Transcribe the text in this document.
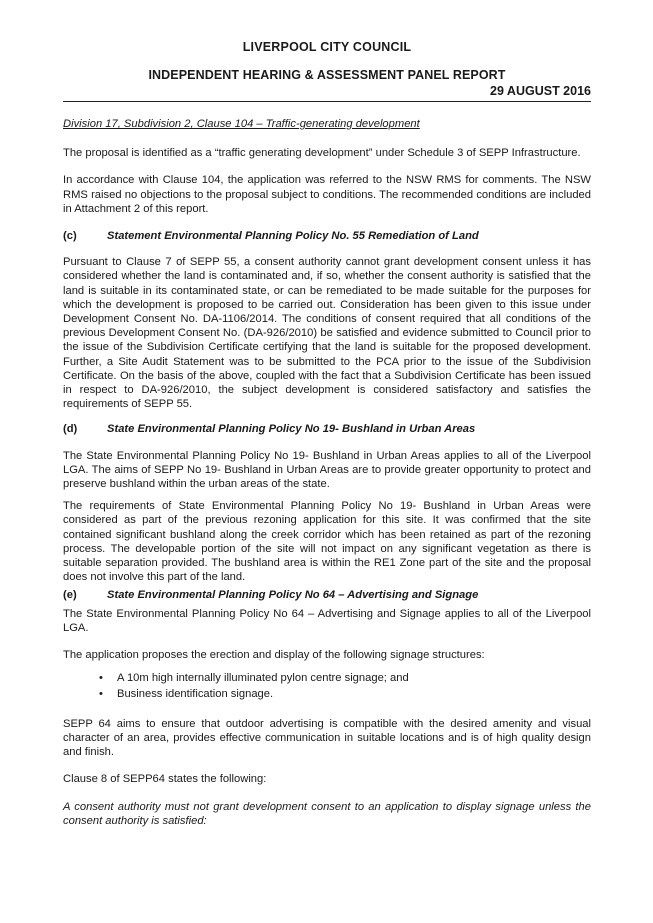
LIVERPOOL CITY COUNCIL
INDEPENDENT HEARING & ASSESSMENT PANEL REPORT
29 AUGUST 2016
Division 17, Subdivision 2, Clause 104 – Traffic-generating development

The proposal is identified as a “traffic generating development” under Schedule 3 of SEPP Infrastructure.

In accordance with Clause 104, the application was referred to the NSW RMS for comments. The NSW RMS raised no objections to the proposal subject to conditions. The recommended conditions are included in Attachment 2 of this report.

(c)	Statement Environmental Planning Policy No. 55 Remediation of Land

Pursuant to Clause 7 of SEPP 55, a consent authority cannot grant development consent unless it has considered whether the land is contaminated and, if so, whether the consent authority is satisfied that the land is suitable in its contaminated state, or can be remediated to be made suitable for the purposes for which the development is proposed to be carried out. Consideration has been given to this issue under Development Consent No. DA-1106/2014. The conditions of consent required that all conditions of the previous Development Consent No. (DA-926/2010) be satisfied and evidence submitted to Council prior to the issue of the Subdivision Certificate certifying that the land is suitable for the proposed development. Further, a Site Audit Statement was to be submitted to the PCA prior to the issue of the Subdivision Certificate. On the basis of the above, coupled with the fact that a Subdivision Certificate has been issued in respect to DA-926/2010, the subject development is considered satisfactory and satisfies the requirements of SEPP 55.

(d)	State Environmental Planning Policy No 19- Bushland in Urban Areas

The State Environmental Planning Policy No 19- Bushland in Urban Areas applies to all of the Liverpool LGA. The aims of SEPP No 19- Bushland in Urban Areas are to provide greater opportunity to protect and preserve bushland within the urban areas of the state.

The requirements of State Environmental Planning Policy No 19- Bushland in Urban Areas were considered as part of the previous rezoning application for this site. It was confirmed that the site contained significant bushland along the creek corridor which has been retained as part of the rezoning process. The developable portion of the site will not impact on any significant vegetation as there is suitable separation provided. The bushland area is within the RE1 Zone part of the site and the proposal does not involve this part of the land.

(e)	State Environmental Planning Policy No 64 – Advertising and Signage

The State Environmental Planning Policy No 64 – Advertising and Signage applies to all of the Liverpool LGA.

The application proposes the erection and display of the following signage structures:

• A 10m high internally illuminated pylon centre signage; and
• Business identification signage.

SEPP 64 aims to ensure that outdoor advertising is compatible with the desired amenity and visual character of an area, provides effective communication in suitable locations and is of high quality design and finish.

Clause 8 of SEPP64 states the following:

A consent authority must not grant development consent to an application to display signage unless the consent authority is satisfied:
